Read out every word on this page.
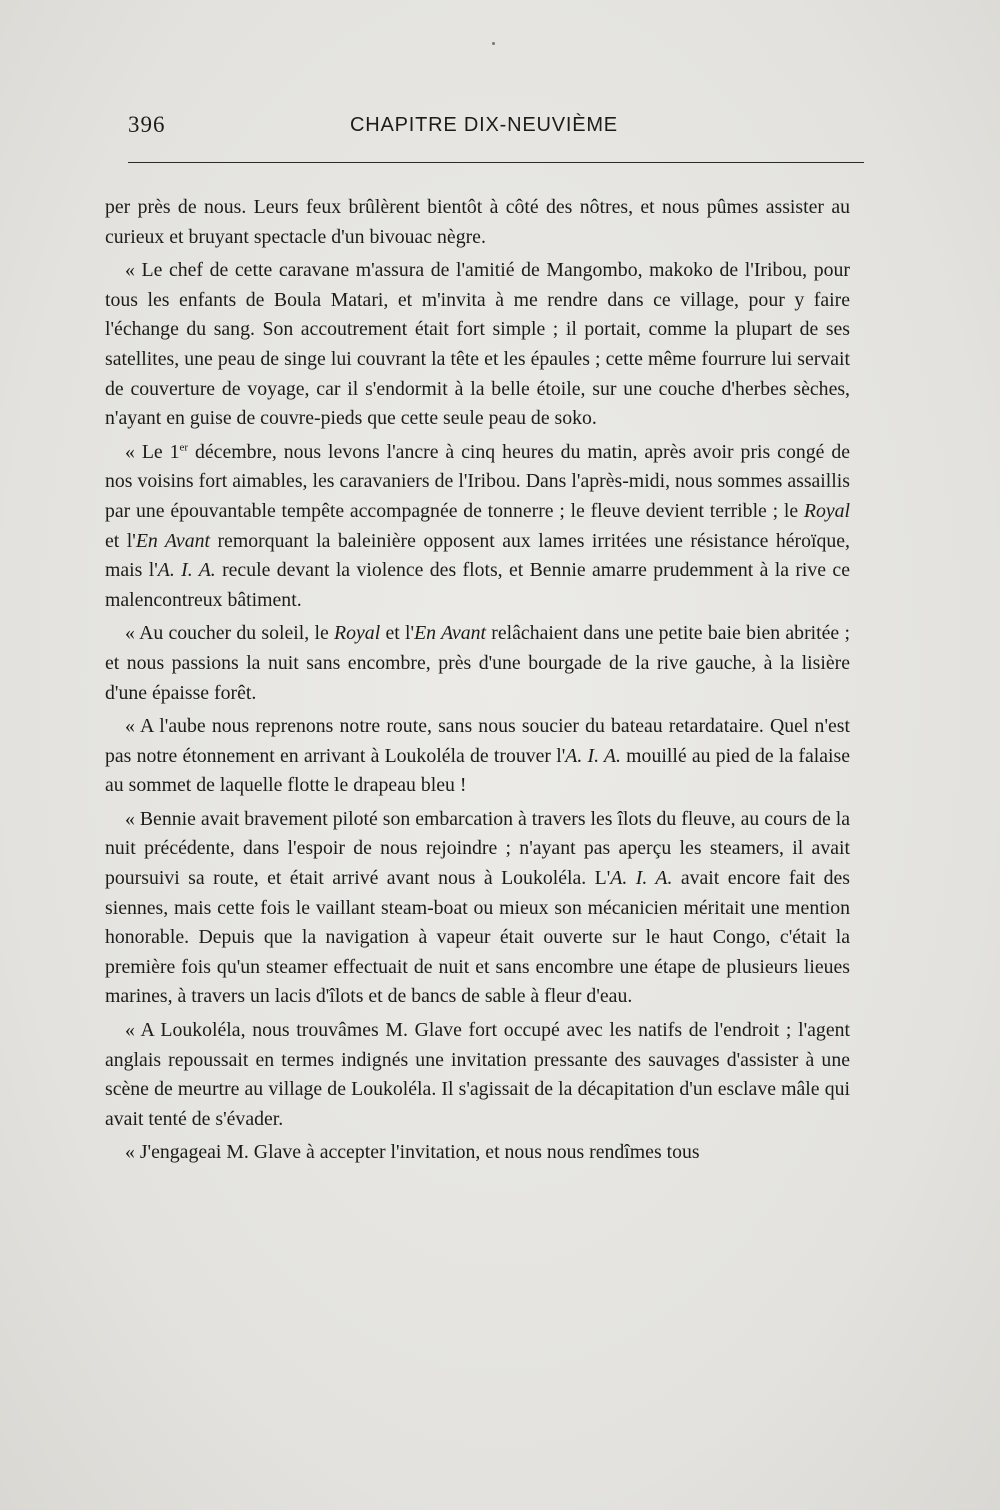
396	CHAPITRE DIX-NEUVIÈME

per près de nous. Leurs feux brûlèrent bientôt à côté des nôtres, et nous pûmes assister au curieux et bruyant spectacle d'un bivouac nègre.

« Le chef de cette caravane m'assura de l'amitié de Mangombo, makoko de l'Iribou, pour tous les enfants de Boula Matari, et m'invita à me rendre dans ce village, pour y faire l'échange du sang. Son accoutrement était fort simple ; il portait, comme la plupart de ses satellites, une peau de singe lui couvrant la tête et les épaules ; cette même fourrure lui servait de couverture de voyage, car il s'endormit à la belle étoile, sur une couche d'herbes sèches, n'ayant en guise de couvre-pieds que cette seule peau de soko.

« Le 1er décembre, nous levons l'ancre à cinq heures du matin, après avoir pris congé de nos voisins fort aimables, les caravaniers de l'Iribou. Dans l'après-midi, nous sommes assaillis par une épouvantable tempête accompagnée de tonnerre ; le fleuve devient terrible ; le Royal et l'En Avant remorquant la baleinière opposent aux lames irritées une résistance héroïque, mais l'A. I. A. recule devant la violence des flots, et Bennie amarre prudemment à la rive ce malencontreux bâtiment.

« Au coucher du soleil, le Royal et l'En Avant relâchaient dans une petite baie bien abritée ; et nous passions la nuit sans encombre, près d'une bourgade de la rive gauche, à la lisière d'une épaisse forêt.

« A l'aube nous reprenons notre route, sans nous soucier du bateau retardataire. Quel n'est pas notre étonnement en arrivant à Loukoléla de trouver l'A. I. A. mouillé au pied de la falaise au sommet de laquelle flotte le drapeau bleu !

« Bennie avait bravement piloté son embarcation à travers les îlots du fleuve, au cours de la nuit précédente, dans l'espoir de nous rejoindre ; n'ayant pas aperçu les steamers, il avait poursuivi sa route, et était arrivé avant nous à Loukoléla. L'A. I. A. avait encore fait des siennes, mais cette fois le vaillant steam-boat ou mieux son mécanicien méritait une mention honorable. Depuis que la navigation à vapeur était ouverte sur le haut Congo, c'était la première fois qu'un steamer effectuait de nuit et sans encombre une étape de plusieurs lieues marines, à travers un lacis d'îlots et de bancs de sable à fleur d'eau.

« A Loukoléla, nous trouvâmes M. Glave fort occupé avec les natifs de l'endroit ; l'agent anglais repoussait en termes indignés une invitation pressante des sauvages d'assister à une scène de meurtre au village de Loukoléla. Il s'agissait de la décapitation d'un esclave mâle qui avait tenté de s'évader.

« J'engageai M. Glave à accepter l'invitation, et nous nous rendîmes tous
